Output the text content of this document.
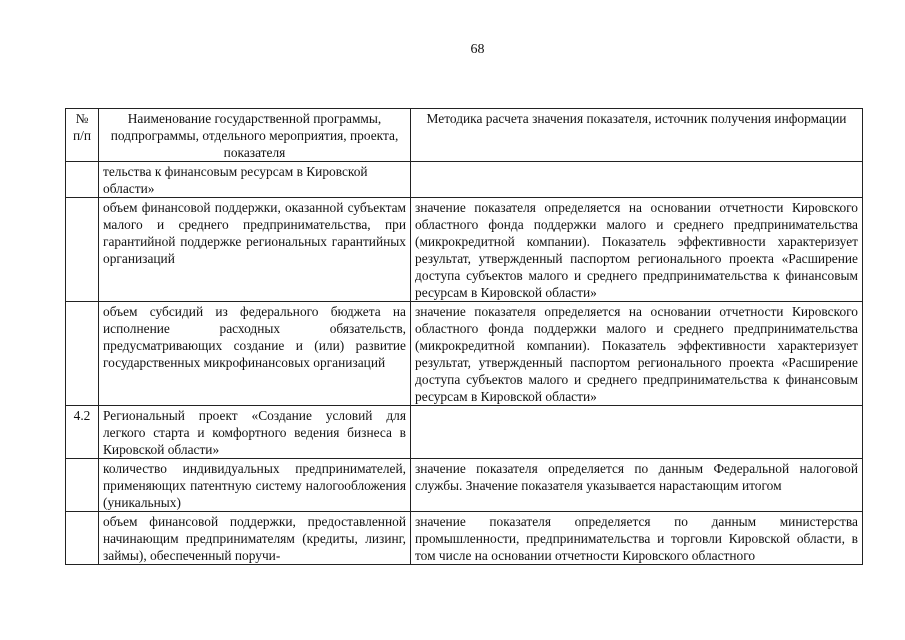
68
№ п/п	Наименование государственной программы, подпрограммы, отдельного мероприятия, проекта, показателя	Методика расчета значения показателя, источник получения информации
	тельства к финансовым ресурсам в Кировской области»	
	объем финансовой поддержки, оказанной субъектам малого и среднего предпринимательства, при гарантийной поддержке региональных гарантийных организаций	значение показателя определяется на основании отчетности Кировского областного фонда поддержки малого и среднего предпринимательства (микрокредитной компании). Показатель эффективности характеризует результат, утвержденный паспортом регионального проекта «Расширение доступа субъектов малого и среднего предпринимательства к финансовым ресурсам в Кировской области»
	объем субсидий из федерального бюджета на исполнение расходных обязательств, предусматривающих создание и (или) развитие государственных микрофинансовых организаций	значение показателя определяется на основании отчетности Кировского областного фонда поддержки малого и среднего предпринимательства (микрокредитной компании). Показатель эффективности характеризует результат, утвержденный паспортом регионального проекта «Расширение доступа субъектов малого и среднего предпринимательства к финансовым ресурсам в Кировской области»
4.2	Региональный проект «Создание условий для легкого старта и комфортного ведения бизнеса в Кировской области»	
	количество индивидуальных предпринимателей, применяющих патентную систему налогообложения (уникальных)	значение показателя определяется по данным Федеральной налоговой службы. Значение показателя указывается нарастающим итогом
	объем финансовой поддержки, предоставленной начинающим предпринимателям (кредиты, лизинг, займы), обеспеченный поручи-	значение показателя определяется по данным министерства промышленности, предпринимательства и торговли Кировской области, в том числе на основании отчетности Кировского областного
